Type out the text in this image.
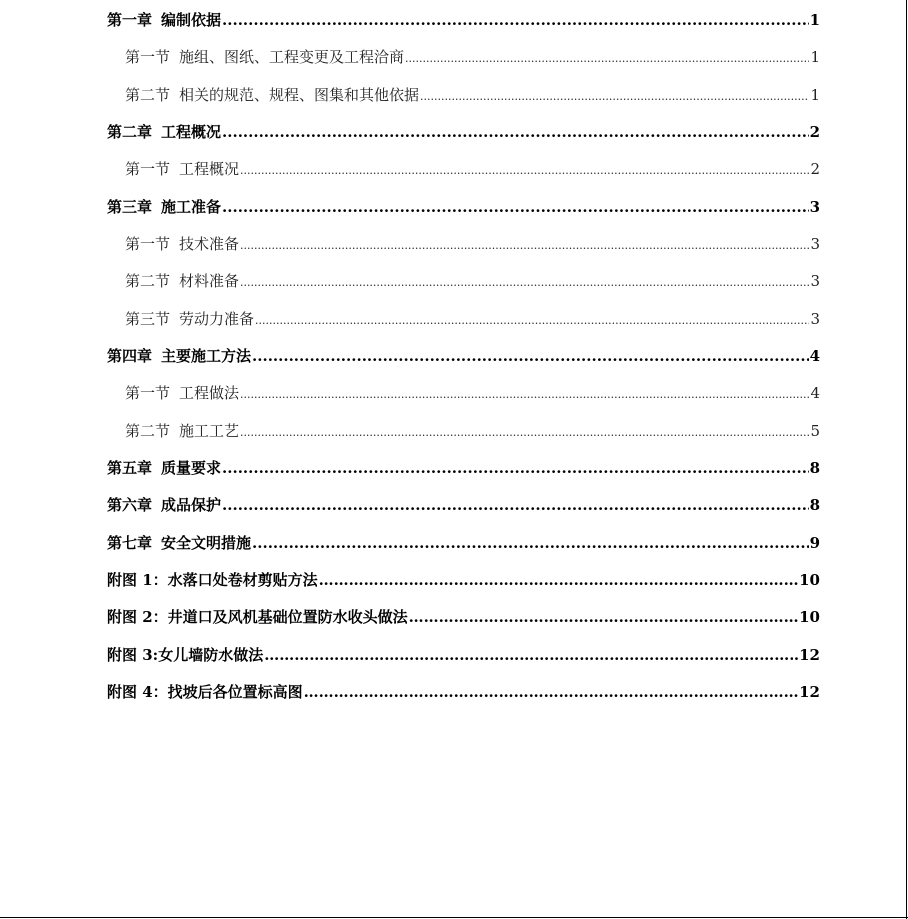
第一章 编制依据 .....	1
第一节 施组、图纸、工程变更及工程洽商 .....	1
第二节 相关的规范、规程、图集和其他依据 .....	1
第二章 工程概况 .....	2
第一节 工程概况 .....	2
第三章 施工准备 .....	3
第一节 技术准备 .....	3
第二节 材料准备 .....	3
第三节 劳动力准备 .....	3
第四章 主要施工方法 .....	4
第一节 工程做法 .....	4
第二节 施工工艺 .....	5
第五章 质量要求 .....	8
第六章 成品保护 .....	8
第七章 安全文明措施 .....	9
附图 1：水落口处卷材剪贴方法 …………………………………………………………………………………………………………………………………………………………………………………………………………………………………………	10
附图 2：井道口及风机基础位置防水收头做法 …………………………………………………………………………………………………………………………………………………………………………………………………………………………………………	10
附图 3:女儿墙防水做法 …………………………………………………………………………………………………………………………………………………………………………………………………………………………………………	.12
附图 4：找坡后各位置标高图 …………………………………………………………………………………………………………………………………………………………………………………………………………………………………………	12
